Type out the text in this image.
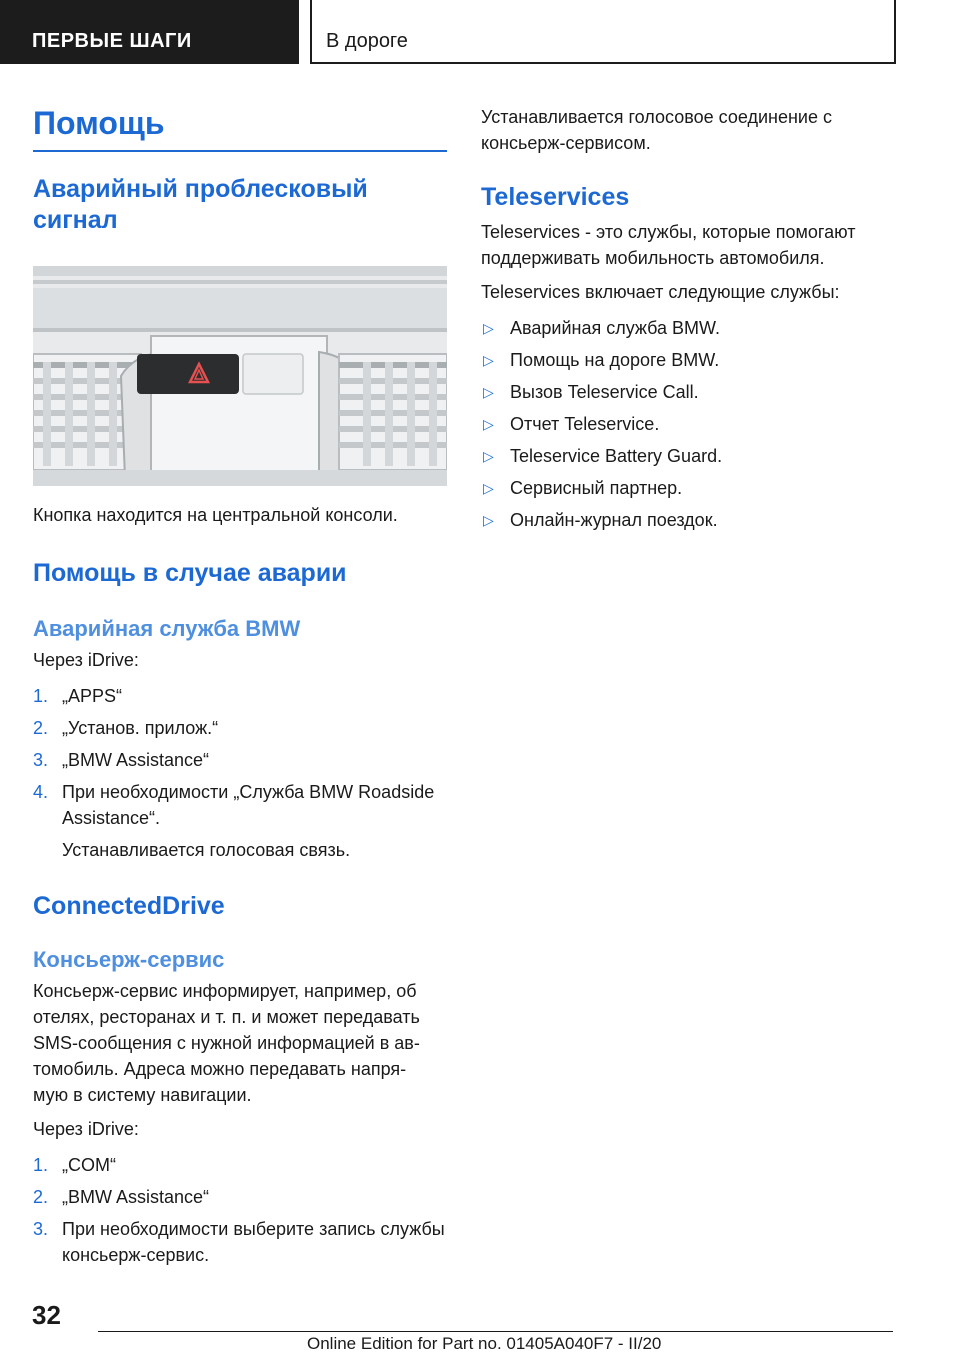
ПЕРВЫЕ ШАГИ	В дороге
Помощь
Аварийный проблесковый
сигнал

Кнопка находится на центральной консоли.

Помощь в случае аварии
Аварийная служба BMW

Через iDrive:

1. „APPS“
2. „Установ. прилож.“
3. „BMW Assistance“
4. При необходимости „Служба BMW Roadside Assistance“.

Устанавливается голосовая связь.

ConnectedDrive
Консьерж-сервис

Консьерж-сервис информирует, например, об
отелях, ресторанах и т. п. и может передавать
SMS-сообщения с нужной информацией в ав-
томобиль. Адреса можно передавать напря-
мую в систему навигации.

Через iDrive:

1. „COM“
2. „BMW Assistance“
3. При необходимости выберите запись службы консьерж-сервис.

Устанавливается голосовое соединение с консьерж-сервисом.

Teleservices

Teleservices - это службы, которые помогают поддерживать мобильность автомобиля.

Teleservices включает следующие службы:

▷ Аварийная служба BMW.
▷ Помощь на дороге BMW.
▷ Вызов Teleservice Call.
▷ Отчет Teleservice.
▷ Teleservice Battery Guard.
▷ Сервисный партнер.
▷ Онлайн-журнал поездок.
32
Online Edition for Part no. 01405A040F7 - II/20
